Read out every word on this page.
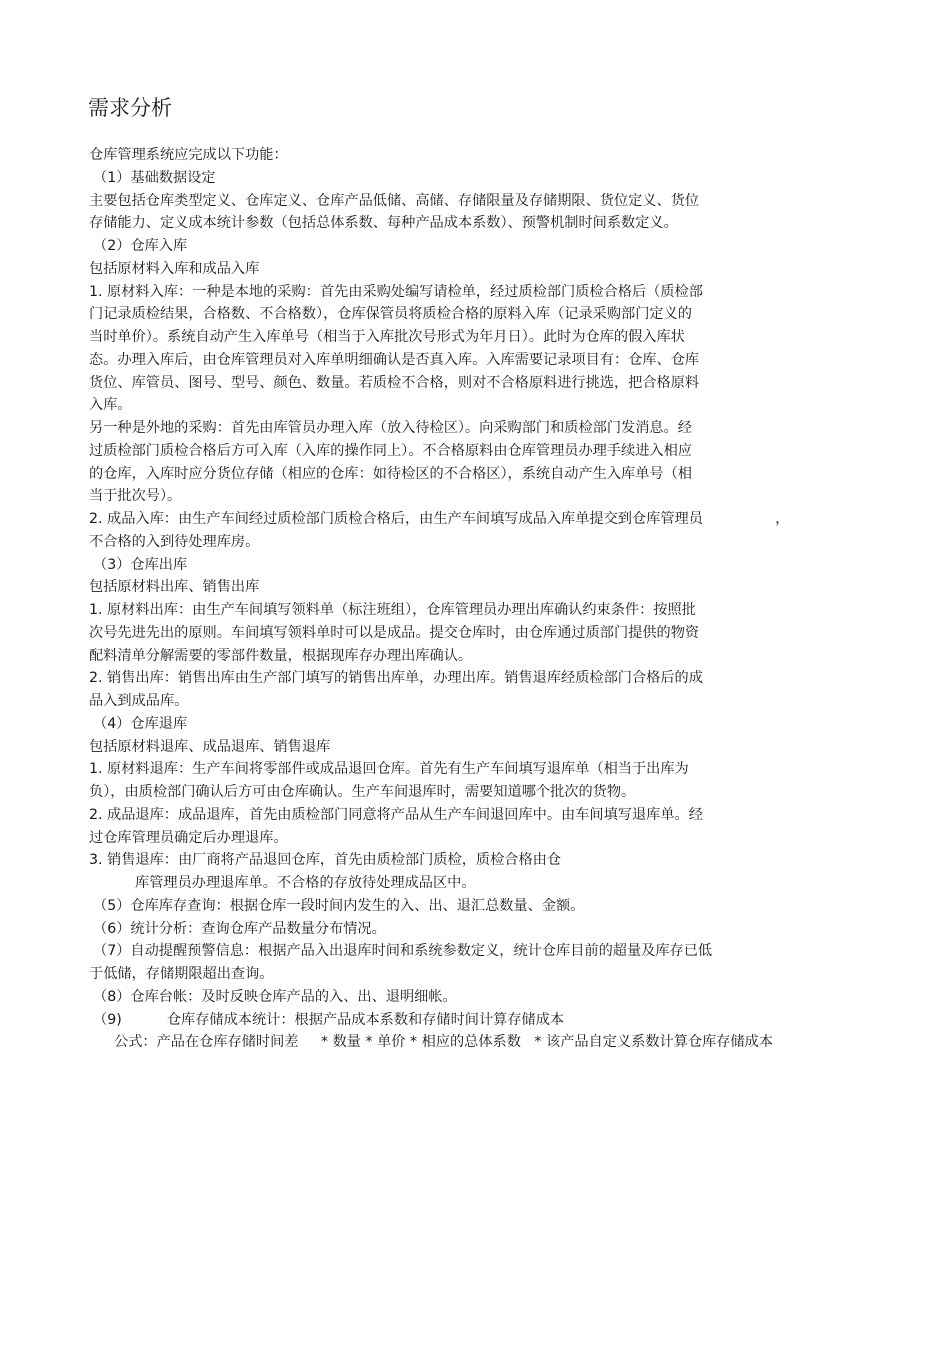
需求分析
仓库管理系统应完成以下功能：
（1）基础数据设定
主要包括仓库类型定义、仓库定义、仓库产品低储、高储、存储限量及存储期限、货位定义、货位
存储能力、定义成本统计参数（包括总体系数、每种产品成本系数）、预警机制时间系数定义。
（2）仓库入库
包括原材料入库和成品入库
1. 原材料入库：一种是本地的采购：首先由采购处编写请检单，经过质检部门质检合格后（质检部
门记录质检结果，合格数、不合格数），仓库保管员将质检合格的原料入库（记录采购部门定义的
当时单价）。系统自动产生入库单号（相当于入库批次号形式为年月日）。此时为仓库的假入库状
态。办理入库后，由仓库管理员对入库单明细确认是否真入库。入库需要记录项目有：仓库、仓库
货位、库管员、图号、型号、颜色、数量。若质检不合格，则对不合格原料进行挑选，把合格原料
入库。
另一种是外地的采购：首先由库管员办理入库（放入待检区）。向采购部门和质检部门发消息。经
过质检部门质检合格后方可入库（入库的操作同上）。不合格原料由仓库管理员办理手续进入相应
的仓库，入库时应分货位存储（相应的仓库：如待检区的不合格区），系统自动产生入库单号（相
当于批次号）。
2. 成品入库：由生产车间经过质检部门质检合格后，由生产车间填写成品入库单提交到仓库管理员                ，
不合格的入到待处理库房。
（3）仓库出库
包括原材料出库、销售出库
1. 原材料出库：由生产车间填写领料单（标注班组），仓库管理员办理出库确认约束条件：按照批
次号先进先出的原则。车间填写领料单时可以是成品。提交仓库时，由仓库通过质部门提供的物资
配料清单分解需要的零部件数量，根据现库存办理出库确认。
2. 销售出库：销售出库由生产部门填写的销售出库单，办理出库。销售退库经质检部门合格后的成
品入到成品库。
（4）仓库退库
包括原材料退库、成品退库、销售退库
1. 原材料退库：生产车间将零部件或成品退回仓库。首先有生产车间填写退库单（相当于出库为
负），由质检部门确认后方可由仓库确认。生产车间退库时，需要知道哪个批次的货物。
2. 成品退库：成品退库，首先由质检部门同意将产品从生产车间退回库中。由车间填写退库单。经
过仓库管理员确定后办理退库。
3. 销售退库：由厂商将产品退回仓库，首先由质检部门质检，质检合格由仓
库管理员办理退库单。不合格的存放待处理成品区中。
（5）仓库库存查询：根据仓库一段时间内发生的入、出、退汇总数量、金额。
（6）统计分析：查询仓库产品数量分布情况。
（7）自动提醒预警信息：根据产品入出退库时间和系统参数定义，统计仓库目前的超量及库存已低
于低储，存储期限超出查询。
（8）仓库台帐：及时反映仓库产品的入、出、退明细帐。
（9)          仓库存储成本统计：根据产品成本系数和存储时间计算存储成本
公式：产品在仓库存储时间差     * 数量 * 单价 * 相应的总体系数   * 该产品自定义系数计算仓库存储成本
